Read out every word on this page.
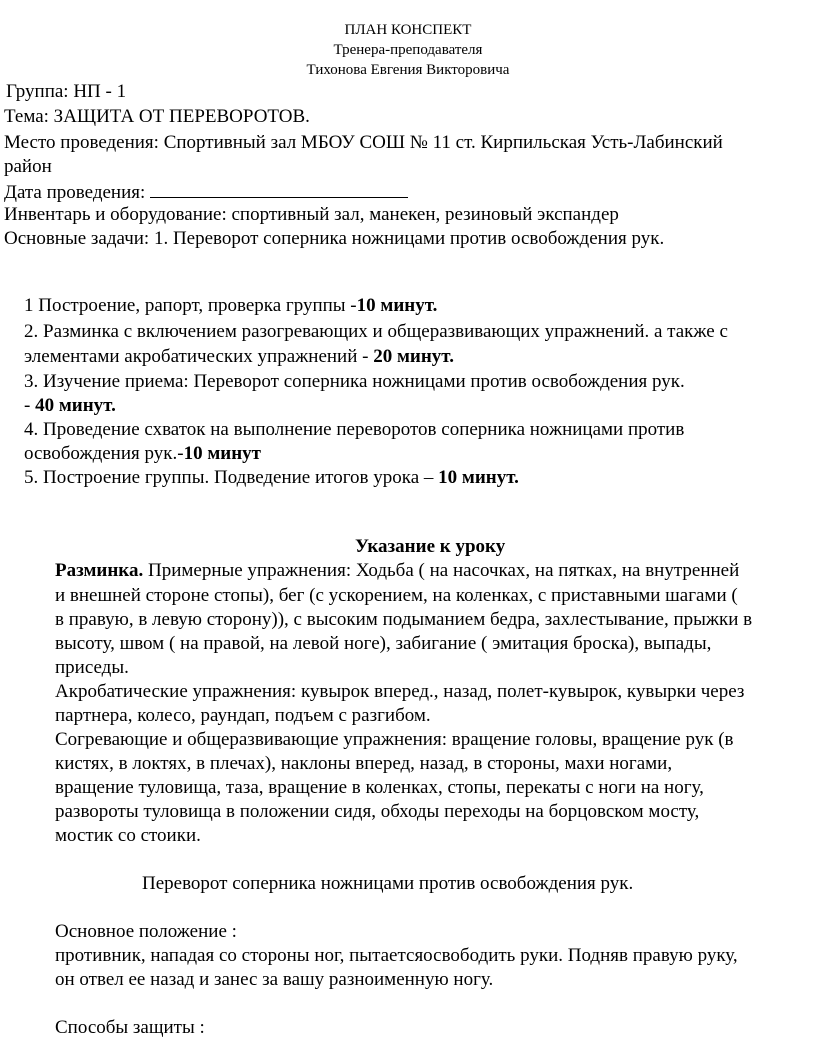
ПЛАН КОНСПЕКТ
Тренера-преподавателя
Тихонова Евгения Викторовича
Группа: НП - 1
Тема: ЗАЩИТА ОТ ПЕРЕВОРОТОВ.
Место проведения: Спортивный зал МБОУ СОШ № 11 ст. Кирпильская Усть-Лабинский
район
Дата проведения:
Инвентарь и оборудование: спортивный зал, манекен, резиновый экспандер
Основные задачи: 1. Переворот соперника ножницами против освобождения рук.
1 Построение, рапорт, проверка группы -10 минут.
2. Разминка с включением разогревающих и общеразвивающих упражнений. а также с
элементами акробатических упражнений - 20 минут.
3. Изучение приема: Переворот соперника ножницами против освобождения рук.
- 40 минут.
4. Проведение схваток на выполнение переворотов соперника ножницами против
освобождения рук.-10 минут
5. Построение группы. Подведение итогов урока – 10 минут.
Указание к уроку
Разминка. Примерные упражнения: Ходьба ( на насочках, на пятках, на внутренней
и внешней стороне стопы), бег (с ускорением, на коленках, с приставными шагами (
в правую, в левую сторону)), с высоким подыманием бедра, захлестывание, прыжки в
высоту, швом ( на правой, на левой ноге), забигание ( эмитация броска), выпады,
приседы.
Акробатические упражнения: кувырок вперед., назад, полет-кувырок, кувырки через
партнера, колесо, раундап, подъем с разгибом.
Согревающие и общеразвивающие упражнения: вращение головы, вращение рук (в
кистях, в локтях, в плечах), наклоны вперед, назад, в стороны, махи ногами,
вращение туловища, таза, вращение в коленках, стопы, перекаты с ноги на ногу,
развороты туловища в положении сидя, обходы переходы на борцовском мосту,
мостик со стоики.
Переворот соперника ножницами против освобождения рук.
Основное положение :
противник, нападая со стороны ног, пытаетсяосвободить руки. Подняв правую руку,
он отвел ее назад и занес за вашу разноименную ногу.
Способы защиты :
